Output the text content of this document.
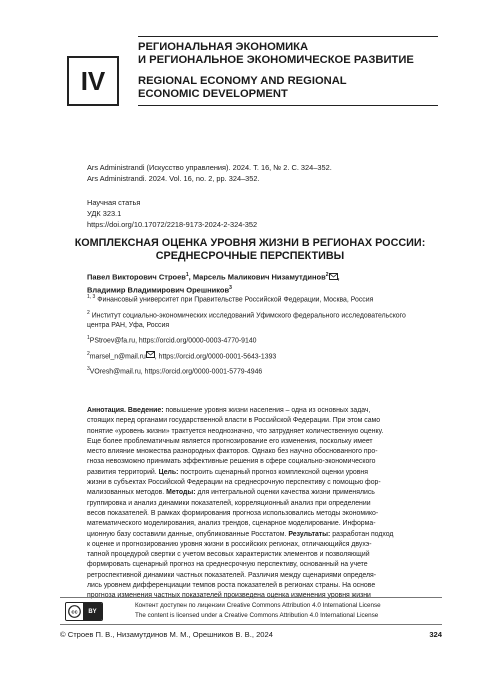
IV
РЕГИОНАЛЬНАЯ ЭКОНОМИКА
И РЕГИОНАЛЬНОЕ ЭКОНОМИЧЕСКОЕ РАЗВИТИЕ
REGIONAL ECONOMY AND REGIONAL
ECONOMIC DEVELOPMENT
Ars Administrandi (Искусство управления). 2024. Т. 16, № 2. С. 324–352.
Ars Administrandi. 2024. Vol. 16, no. 2, pp. 324–352.
Научная статья
УДК 323.1
https://doi.org/10.17072/2218-9173-2024-2-324-352
КОМПЛЕКСНАЯ ОЦЕНКА УРОВНЯ ЖИЗНИ В РЕГИОНАХ РОССИИ:
СРЕДНЕСРОЧНЫЕ ПЕРСПЕКТИВЫ
Павел Викторович Строев$^1$, Марсель Маликович Низамутдинов$^2$ ,
Владимир Владимирович Орешников$^3$
$^{1, 3}$ Финансовый университет при Правительстве Российской Федерации, Москва, Россия
$^2$ Институт социально-экономических исследований Уфимского федерального исследовательского
центра РАН, Уфа, Россия
$^1$PStroev@fa.ru, https://orcid.org/0000-0003-4770-9140
$^2$marsel_n@mail.ru , https://orcid.org/0000-0001-5643-1393
$^3$VOresh@mail.ru, https://orcid.org/0000-0001-5779-4946
Аннотация. Введение: повышение уровня жизни населения – одна из основных задач,
стоящих перед органами государственной власти в Российской Федерации. При этом само
понятие «уровень жизни» трактуется неоднозначно, что затрудняет количественную оценку.
Еще более проблематичным является прогнозирование его изменения, поскольку имеет
место влияние множества разнородных факторов. Однако без научно обоснованного про-
гноза невозможно принимать эффективные решения в сфере социально-экономического
развития территорий. Цель: построить сценарный прогноз комплексной оценки уровня
жизни в субъектах Российской Федерации на среднесрочную перспективу с помощью фор-
мализованных методов. Методы: для интегральной оценки качества жизни применялись
группировка и анализ динамики показателей, корреляционный анализ при определении
весов показателей. В рамках формирования прогноза использовались методы экономико-
математического моделирования, анализ трендов, сценарное моделирование. Информа-
ционную базу составили данные, опубликованные Росстатом. Результаты: разработан подход
к оценке и прогнозированию уровня жизни в российских регионах, отличающийся двухэ-
тапной процедурой свертки с учетом весовых характеристик элементов и позволяющий
формировать сценарный прогноз на среднесрочную перспективу, основанный на учете
ретроспективной динамики частных показателей. Различия между сценариями определя-
лись уровнем дифференциации темпов роста показателей в регионах страны. На основе
прогноза изменения частных показателей произведена оценка изменения уровня жизни
cc	BY
Контент доступен по лицензии Creative Commons Attribution 4.0 International License
The content is licensed under a Creative Commons Attribution 4.0 International License
© Строев П. В., Низамутдинов М. М., Орешников В. В., 2024	324
